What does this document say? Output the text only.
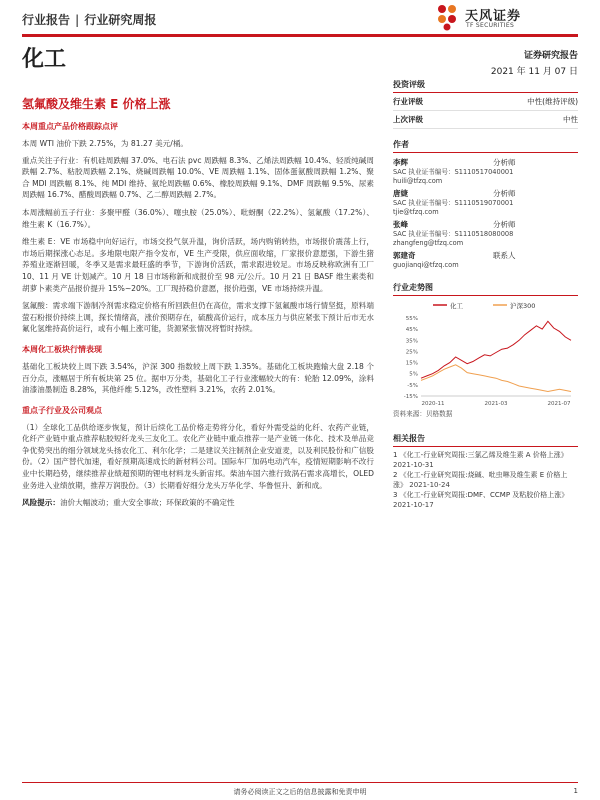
行业报告 | 行业研究周报	天风证券
TF SECURITIES
化工	证券研究报告
2021 年 11 月 07 日
氢氟酸及维生素 E 价格上涨
本周重点产品价格跟踪点评
本周 WTI 油价下跌 2.75%，为 81.27 美元/桶。
重点关注子行业：有机硅周跌幅 37.0%、电石法 pvc 周跌幅 8.3%、乙烯法周跌幅 10.4%、轻质纯碱周跌幅 2.7%、粘胶周跌幅 2.1%、烧碱周跌幅 10.0%、VE 周跌幅 1.1%、固体蛋氨酸周跌幅 1.2%、聚合 MDI 周跌幅 8.1%、纯 MDI 维持、氨纶周跌幅 0.6%、橡胶周跌幅 9.1%、DMF 周跌幅 9.5%、尿素周跌幅 16.7%、醋酸周跌幅 0.7%、乙二醇周跌幅 2.7%。
本周涨幅前五子行业：多聚甲醛（36.0%）、噻虫胺（25.0%）、吡蚜酮（22.2%）、氢氟酸（17.2%）、维生素 K（16.7%）。
维生素 E：VE 市场稳中向好运行，市场交投气氛升温，询价活跃，场内购销转热，市场报价震荡上行，市场后期探涨心态足。多地限电限产指令发布，VE 生产受限，供应面收缩，厂家报价意愿强，下游生猪养殖业逐渐回暖，冬季又是需求最旺盛的季节，下游询价活跃，需求跟进较足。市场反映称欧洲有工厂 10、11 月 VE 计划减产。10 月 18 日市场称新和成报价至 98 元/公斤。10 月 21 日 BASF 维生素类和胡萝卜素类产品报价提升 15%~20%。工厂现持稳价意愿，报价趋强，VE 市场持续升温。
氢氟酸：需求端下游制冷剂需求稳定价格有所回跌但仍在高位，需求支撑下氢氟酸市场行情坚挺，原料端萤石粉报价持续上调，探长情绪高，涨价预期存在，硫酸高价运行，成本压力与供应紧张下预计后市无水氟化氢维持高价运行，或有小幅上涨可能，货源紧张情况将暂时持续。
本周化工板块行情表现
基础化工板块较上周下跌 3.54%，沪深 300 指数较上周下跌 1.35%。基础化工板块跑输大盘 2.18 个百分点，涨幅居于所有板块第 25 位。据申万分类，基础化工子行业涨幅较大的有：轮胎 12.09%，涂料油漆油墨制造 8.28%，其他纤维 5.12%，改性塑料 3.21%，农药 2.01%。
重点子行业及公司观点
（1）全球化工品供给逐步恢复，预计后续化工品价格走势将分化，看好外需受益的化纤、农药产业链，化纤产业链中重点推荐粘胶短纤龙头三友化工。农化产业链中重点推荐一是产业链一体化、技术及单品竞争优势突出的细分领域龙头扬农化工、利尔化学；二是建议关注制剂企业安道麦，以及利民股份和广信股份。（2）国产替代加速，看好预期高速成长的新材料公司。国际车厂加码电动汽车，疫情短期影响不改行业中长期趋势，继续推荐业绩超预期的锂电材料龙头新宙邦。柴油车国六推行致涡石需求高增长，OLED 业务进入业绩放期，推荐万润股份。（3）长期看好细分龙头万华化学、华鲁恒升、新和成。
风险提示：油价大幅波动；重大安全事故；环保政策的不确定性
投资评级
行业评级	中性(维持评级)
上次评级	中性
作者
李辉	分析师
SAC 执业证书编号：S1110517040001
huili@tfzq.com
唐婕	分析师
SAC 执业证书编号：S1110519070001
tjie@tfzq.com
张峰	分析师
SAC 执业证书编号：S1110518080008
zhangfeng@tfzq.com
郭建奇	联系人
guojianqi@tfzq.com
行业走势图
化工	沪深300
55%
45%
35%
25%
15%
5%
-5%
-15%
2020-11	2021-03	2021-07
资料来源：贝格数据
相关报告
1 《化工-行业研究周报:三氯乙烯及维生素 A 价格上涨》 2021-10-31
2 《化工-行业研究周报:烧碱、吡虫啉及维生素 E 价格上涨》 2021-10-24
3 《化工-行业研究周报:DMF、CCMP 及粘胶价格上涨》 2021-10-17
请务必阅读正文之后的信息披露和免责申明	1
